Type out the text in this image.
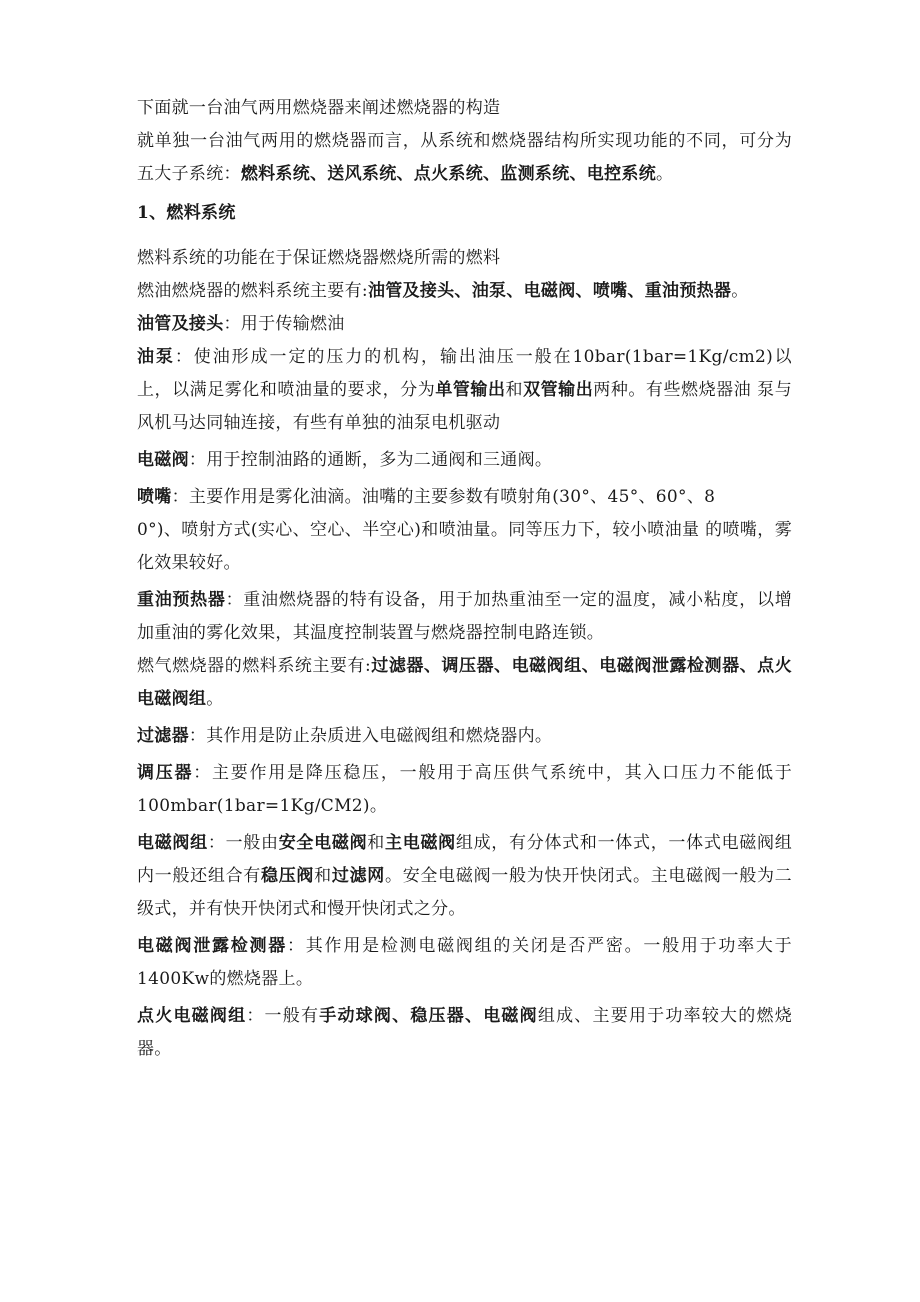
下面就一台油气两用燃烧器来阐述燃烧器的构造

就单独一台油气两用的燃烧器而言，从系统和燃烧器结构所实现功能的不同，可分为五大子系统：燃料系统、送风系统、点火系统、监测系统、电控系统。

1、燃料系统

燃料系统的功能在于保证燃烧器燃烧所需的燃料

燃油燃烧器的燃料系统主要有:油管及接头、油泵、电磁阀、喷嘴、重油预热器。

油管及接头：用于传输燃油

油泵：使油形成一定的压力的机构，输出油压一般在10bar(1bar=1Kg/cm2)以 上，以满足雾化和喷油量的要求，分为单管输出和双管输出两种。有些燃烧器油 泵与风机马达同轴连接，有些有单独的油泵电机驱动

电磁阀：用于控制油路的通断，多为二通阀和三通阀。

喷嘴：主要作用是雾化油滴。油嘴的主要参数有喷射角(30°、45°、60°、8
0°)、喷射方式(实心、空心、半空心)和喷油量。同等压力下，较小喷油量 的喷嘴，雾化效果较好。

重油预热器：重油燃烧器的特有设备，用于加热重油至一定的温度，减小粘度，以增加重油的雾化效果，其温度控制装置与燃烧器控制电路连锁。

燃气燃烧器的燃料系统主要有:过滤器、调压器、电磁阀组、电磁阀泄露检测器、点火电磁阀组。

过滤器：其作用是防止杂质进入电磁阀组和燃烧器内。

调压器：主要作用是降压稳压，一般用于高压供气系统中，其入口压力不能低于100mbar(1bar=1Kg/CM2)。

电磁阀组：一般由安全电磁阀和主电磁阀组成，有分体式和一体式，一体式电磁阀组内一般还组合有稳压阀和过滤网。安全电磁阀一般为快开快闭式。主电磁阀一般为二级式，并有快开快闭式和慢开快闭式之分。

电磁阀泄露检测器：其作用是检测电磁阀组的关闭是否严密。一般用于功率大于1400Kw的燃烧器上。

点火电磁阀组：一般有手动球阀、稳压器、电磁阀组成、主要用于功率较大的燃烧器。
